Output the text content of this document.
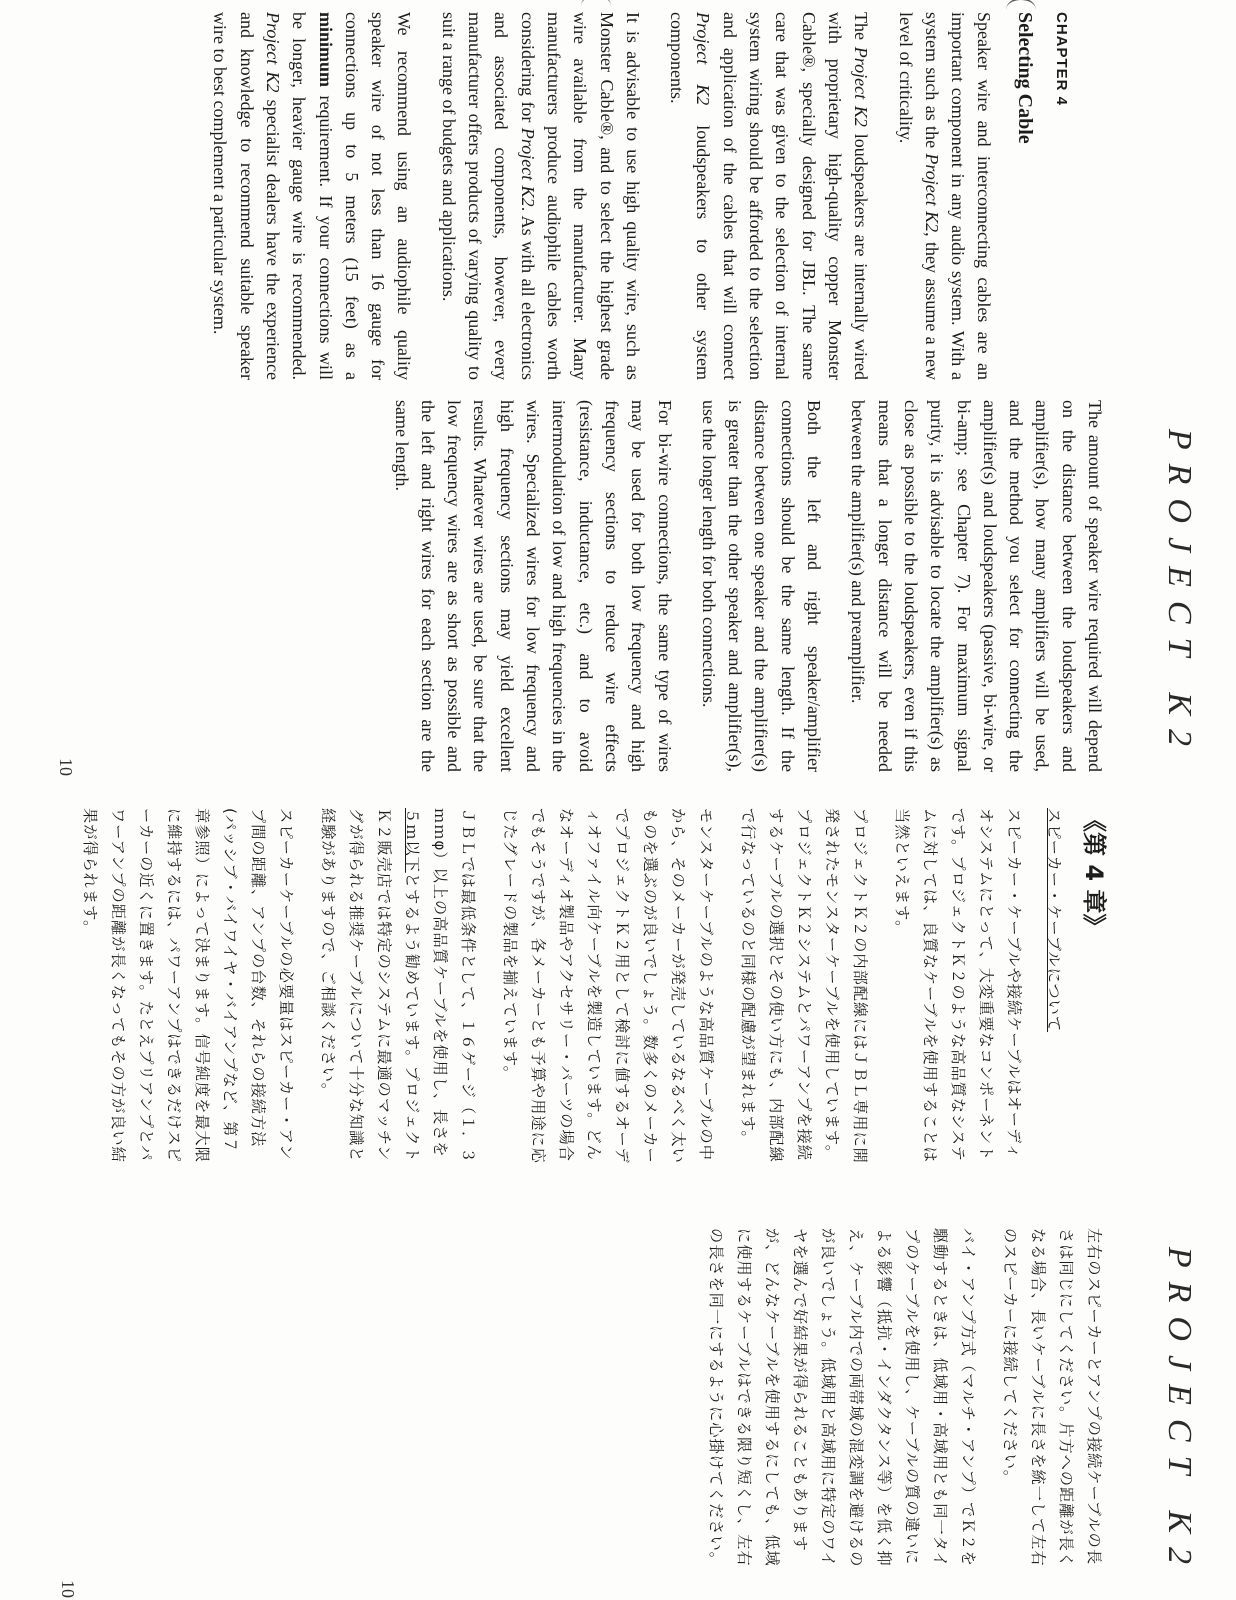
PROJECT K2
CHAPTER 4
Selecting Cable

Speaker wire and interconnecting cables are an important component in any audio system. With a system such as the Project K2, they assume a new level of criticality.

The Project K2 loudspeakers are internally wired with proprietary high-quality copper Monster Cable®, specially designed for JBL. The same care that was given to the selection of internal system wiring should be afforded to the selection and application of the cables that will connect Project K2 loudspeakers to other system components.

It is advisable to use high quality wire, such as Monster Cable®, and to select the highest grade wire available from the manufacturer. Many manufacturers produce audiophile cables worth considering for Project K2. As with all electronics and associated components, however, every manufacturer offers products of varying quality to suit a range of budgets and applications.

We recommend using an audiophile quality speaker wire of not less than 16 gauge for connections up to 5 meters (15 feet) as a minimum requirement. If your connections will be longer, heavier gauge wire is recommended. Project K2 specialist dealers have the experience and knowledge to recommend suitable speaker wire to best complement a particular system.

The amount of speaker wire required will depend on the distance between the loudspeakers and amplifier(s), how many amplifiers will be used, and the method you select for connecting the amplifier(s) and loudspeakers (passive, bi-wire, or bi-amp; see Chapter 7). For maximum signal purity, it is advisable to locate the amplifier(s) as close as possible to the loudspeakers, even if this means that a longer distance will be needed between the amplifier(s) and preamplifier.

Both the left and right speaker/amplifier connections should be the same length. If the distance between one speaker and the amplifier(s) is greater than the other speaker and amplifier(s), use the longer length for both connections.

For bi-wire connections, the same type of wires may be used for both low frequency and high frequency sections to reduce wire effects (resistance, inductance, etc.) and to avoid intermodulation of low and high frequencies in the wires. Specialized wires for low frequency and high frequency sections may yield excellent results. Whatever wires are used, be sure that the low frequency wires are as short as possible and the left and right wires for each section are the same length.

10
PROJECT K2
《第 4 章》
スピーカー・ケーブルについて

スピーカー・ケーブルや接続ケーブルはオーディオシステムにとって、大変重要なコンポーネントです。プロジェクトＫ２のような高品質なシステムに対しては、良質なケーブルを使用することは当然といえます。

プロジェクトＫ２の内部配線にはＪＢＬ専用に開発されたモンスターケーブルを使用しています。プロジェクトＫ２システムとパワーアンプを接続するケーブルの選択とその使い方にも、内部配線で行なっているのと同様の配慮が望まれます。

モンスターケーブルのような高品質ケーブルの中から、そのメーカーが発売しているなるべく太いものを選ぶのが良いでしょう。数多くのメーカーでプロジェクトＫ２用として検討に値するオーディオファイル向ケーブルを製造しています。どんなオーディオ製品やアクセサリー・パーツの場合でもそうですが、各メーカーとも予算や用途に応じたグレードの製品を揃えています。

ＪＢＬでは最低条件として、１６ゲージ（１．３ｍｍφ）以上の高品質ケーブルを使用し、長さを５ｍ以下とするよう勧めています。プロジェクトＫ２販売店では特定のシステムに最適のマッチングが得られる推奨ケーブルについて十分な知識と経験がありますので、ご相談ください。

スピーカーケーブルの必要量はスピーカー・アンプ間の距離、アンプの台数、それらの接続方法(パッシブ・バイワイヤ・バイアンプなど、第７章参照）によって決まります。信号純度を最大限に維持するには、パワーアンプはできるだけスピーカーの近くに置きます。たとえプリアンプとパワーアンプの距離が長くなってもその方が良い結果が得られます。

左右のスピーカーとアンプの接続ケーブルの長さは同じにしてください。片方への距離が長くなる場合、長いケーブルに長さを統一して左右のスピーカーに接続してください。

バイ・アンプ方式（マルチ・アンプ）でＫ２を駆動するときは、低域用・高域用とも同一タイプのケーブルを使用し、ケーブルの質の違いによる影響（抵抗・インダクタンス等）を低く抑え、ケーブル内での両帯域の混変調を避けるのが良いでしょう。低域用と高域用に特定のワイヤを選んで好結果が得られることもありますが、どんなケーブルを使用するにしても、低域に使用するケーブルはできる限り短くし、左右の長さを同一にするように心掛けてください。

10
